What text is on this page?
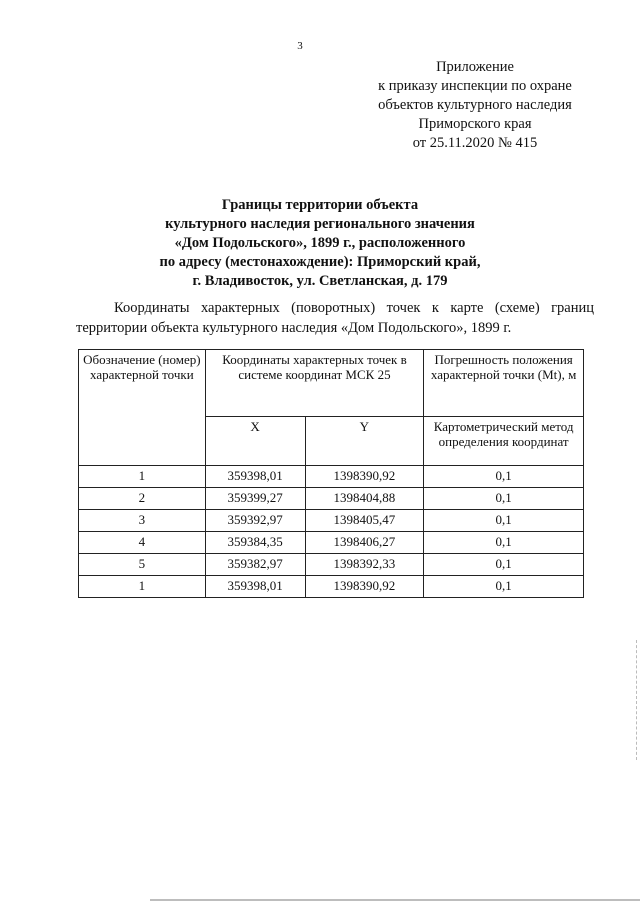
3
Приложение
к приказу инспекции по охране
объектов культурного наследия
Приморского края
от 25.11.2020 № 415
Границы территории объекта
культурного наследия регионального значения
«Дом Подольского», 1899 г., расположенного
по адресу (местонахождение): Приморский край,
г. Владивосток, ул. Светланская, д. 179
Координаты характерных (поворотных) точек к карте (схеме) границ территории объекта культурного наследия «Дом Подольского», 1899 г.
Обозначение (номер) характерной точки	Координаты характерных точек в системе координат МСК 25		Погрешность положения характерной точки (Mt), м
	X	Y	Картометрический метод определения координат
1	359398,01	1398390,92	0,1
2	359399,27	1398404,88	0,1
3	359392,97	1398405,47	0,1
4	359384,35	1398406,27	0,1
5	359382,97	1398392,33	0,1
1	359398,01	1398390,92	0,1
